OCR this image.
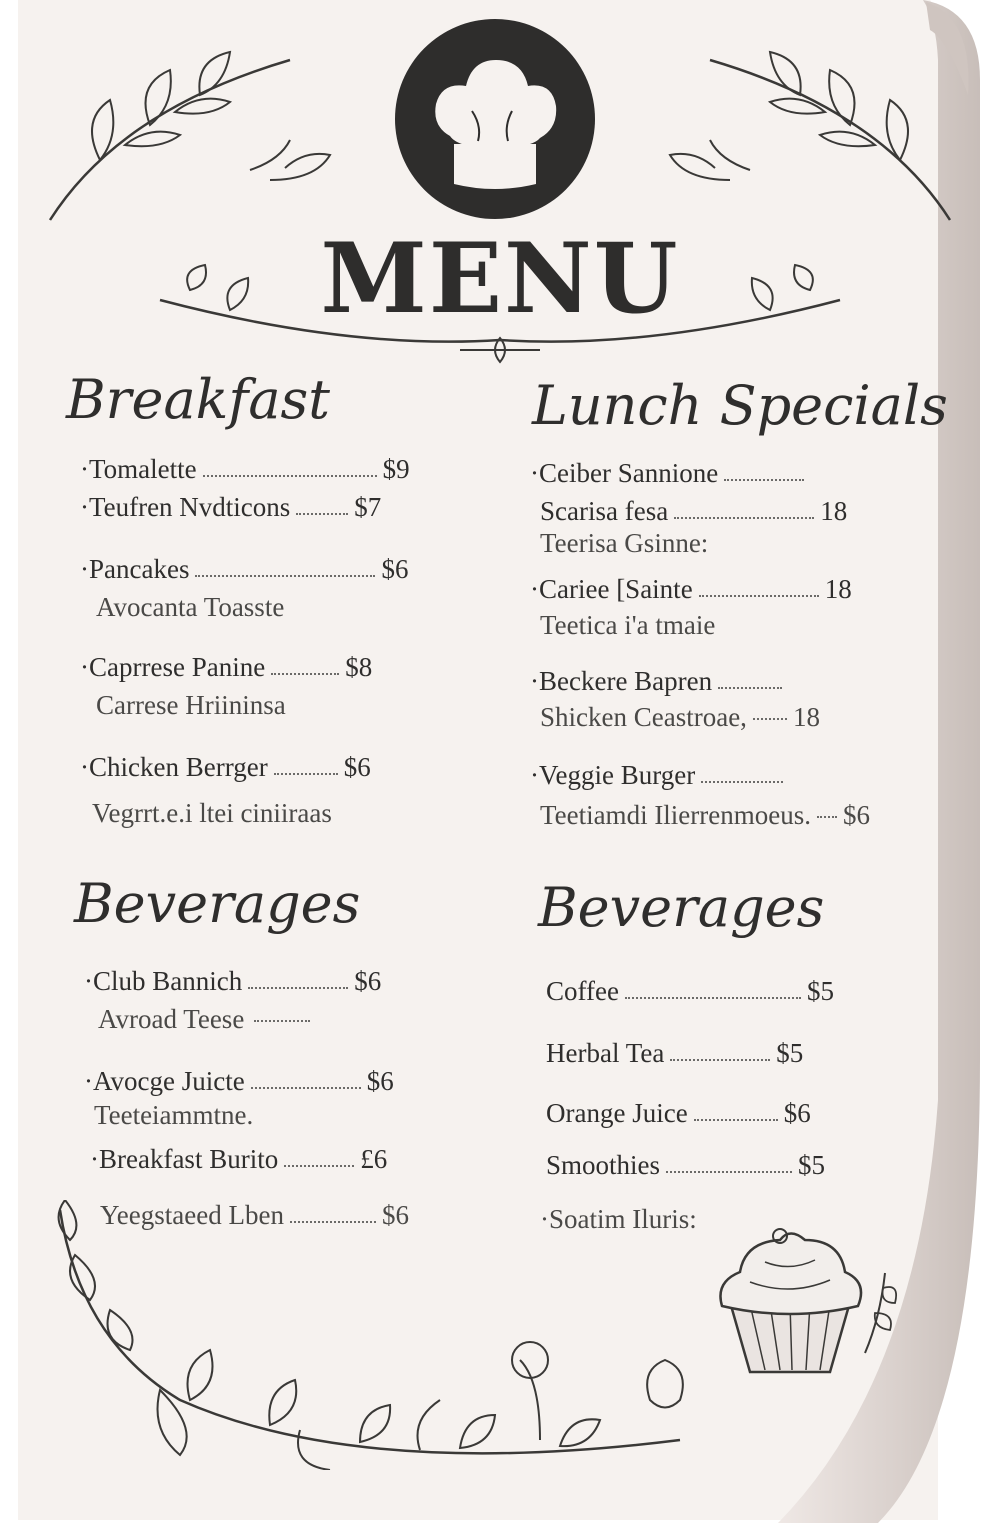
MENU
Breakfast
·Tomalette	$9
·Teufren Nvdticons $7
·Pancakes	$6
Avocanta Toasste
·Caprrese Panine	$8
Carrese Hriininsa
·Chicken Berrger	$6
Vegrrt.e.i ltei ciniiraas
Lunch Specials
·Ceiber Sannione
Scarisa fesa	18
Teerisa Gsinne:
·Cariee [Sainte	18
Teetica i'a tmaie
·Beckere Bapren
Shicken Ceastroae, 18
·Veggie Burger
Teetiamdi Ilierrenmoeus. $6
Beverages
·Club Bannich	$6
Avroad Teese
·Avocge Juicte	$6
Teeteiammtne.
·Breakfast Burito	£6
Yeegstaeed Lben	$6
Beverages
Coffee	$5
Herbal Tea	$5
Orange Juice	$6
Smoothies	$5
·Soatim Iluris:
